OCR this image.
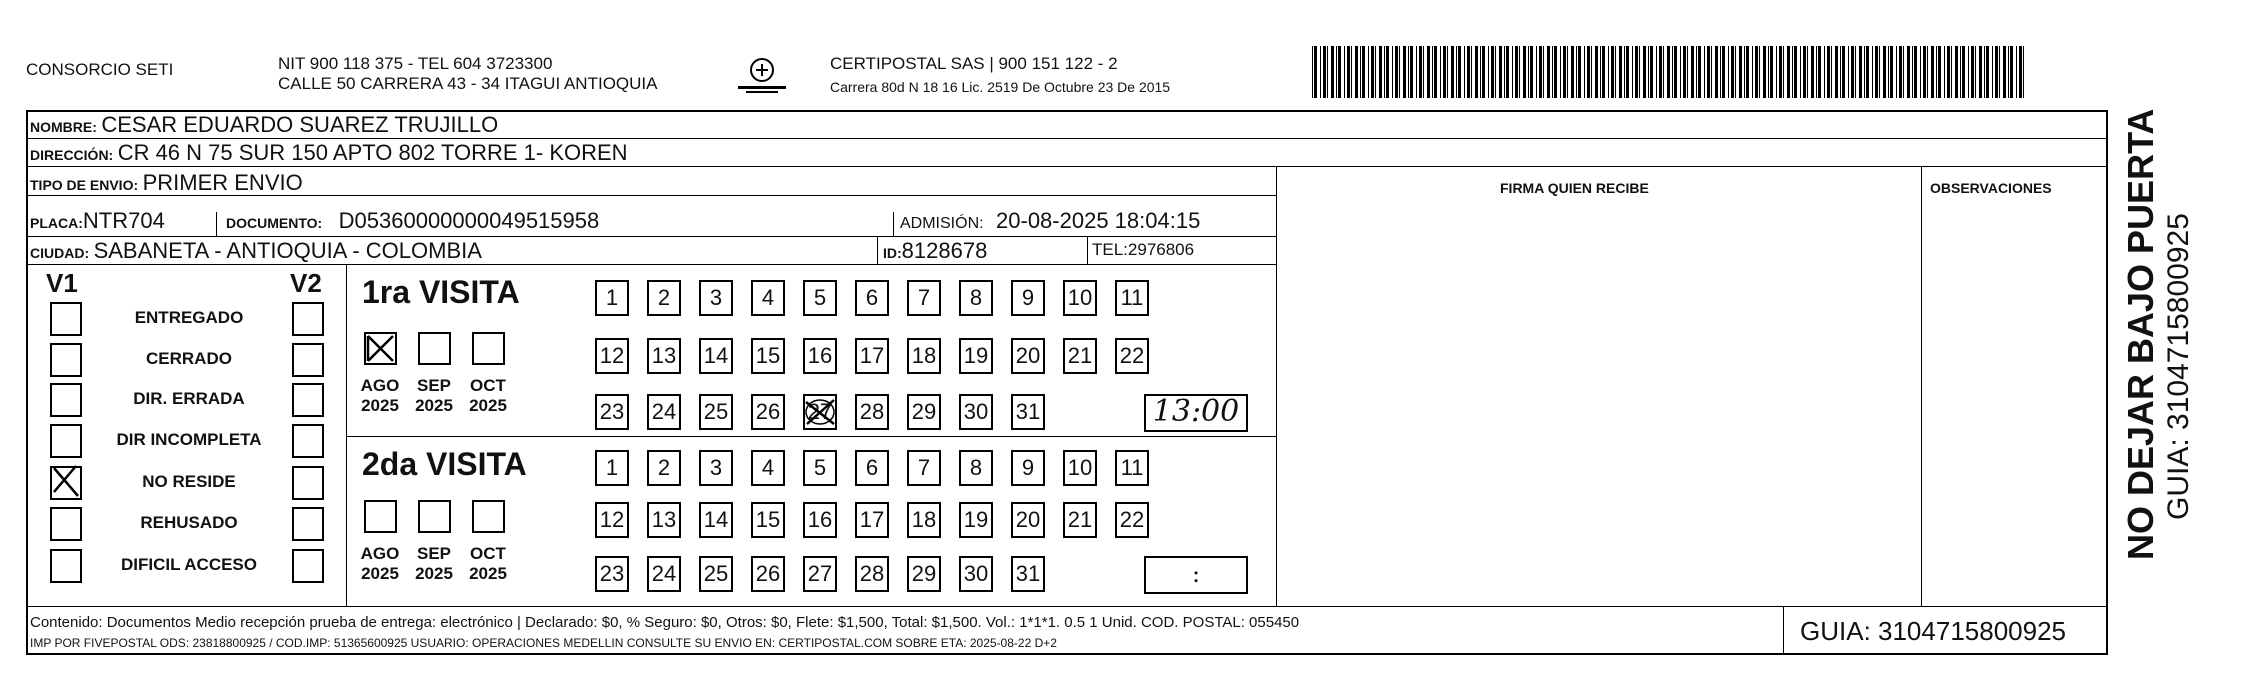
CONSORCIO SETI	NIT 900 118 375 - TEL 604 3723300
CALLE 50 CARRERA 43 - 34 ITAGUI ANTIOQUIA
CERTIPOSTAL SAS | 900 151 122 - 2
Carrera 80d N 18 16 Lic. 2519 De Octubre 23 De 2015
NOMBRE: CESAR EDUARDO SUAREZ TRUJILLO
DIRECCIÓN: CR 46 N 75 SUR 150 APTO 802 TORRE 1- KOREN
TIPO DE ENVIO: PRIMER ENVIO	FIRMA QUIEN RECIBE	OBSERVACIONES
PLACA:NTR704	DOCUMENTO: D05360000000049515958	ADMISIÓN: 20-08-2025 18:04:15
CIUDAD: SABANETA - ANTIOQUIA - COLOMBIA	ID:8128678	TEL:2976806
V1	V2
ENTREGADO
CERRADO
DIR. ERRADA
DIR INCOMPLETA
NO RESIDE
REHUSADO
DIFICIL ACCESO
1ra VISITA
2da VISITA
AGO
2025
SEP
2025
OCT
2025
AGO
2025
SEP
2025
OCT
2025
1	2	3	4	5	6	7	8	9	10 11
12 13 14 15 16 17 18 19 20 21 22
23 24 25 26 27 28 29 30 31	13:00
1	2	3	4	5	6	7	8	9	10 11
12 13 14 15 16 17 18 19 20 21 22
23 24 25 26 27 28 29 30 31	:
Contenido: Documentos Medio recepción prueba de entrega: electrónico | Declarado: $0, % Seguro: $0, Otros: $0, Flete: $1,500, Total: $1,500. Vol.: 1*1*1. 0.5 1 Unid. COD. POSTAL: 055450
IMP POR FIVEPOSTAL ODS: 23818800925 / COD.IMP: 51365600925 USUARIO: OPERACIONES MEDELLIN CONSULTE SU ENVIO EN: CERTIPOSTAL.COM SOBRE ETA: 2025-08-22 D+2	GUIA: 3104715800925
NO DEJAR BAJO PUERTA GUIA: 3104715800925
